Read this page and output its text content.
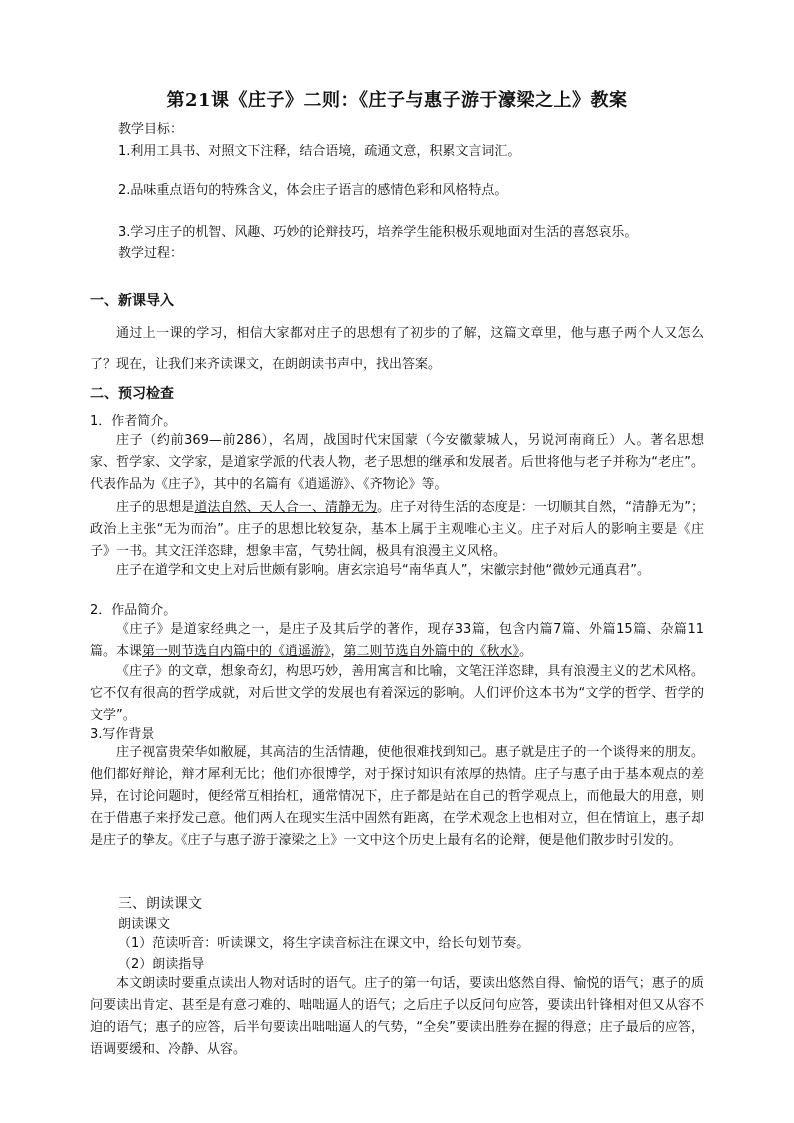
第21课《庄子》二则：《庄子与惠子游于濠梁之上》教案
教学目标：
1.利用工具书、对照文下注释，结合语境，疏通文意，积累文言词汇。
2.品味重点语句的特殊含义，体会庄子语言的感情色彩和风格特点。
3.学习庄子的机智、风趣、巧妙的论辩技巧，培养学生能积极乐观地面对生活的喜怒哀乐。
教学过程：
一、新课导入

通过上一课的学习，相信大家都对庄子的思想有了初步的了解，这篇文章里，他与惠子两个人又怎么了？现在，让我们来齐读课文，在朗朗读书声中，找出答案。

二、预习检查
1．作者简介。

庄子（约前369—前286），名周，战国时代宋国蒙（今安徽蒙城人，另说河南商丘）人。著名思想家、哲学家、文学家，是道家学派的代表人物，老子思想的继承和发展者。后世将他与老子并称为“老庄”。代表作品为《庄子》，其中的名篇有《逍遥游》、《齐物论》等。

庄子的思想是道法自然、天人合一、清静无为。庄子对待生活的态度是：一切顺其自然，“清静无为”；政治上主张“无为而治”。庄子的思想比较复杂，基本上属于主观唯心主义。庄子对后人的影响主要是《庄子》一书。其文汪洋恣肆，想象丰富，气势壮阔，极具有浪漫主义风格。

庄子在道学和文史上对后世颇有影响。唐玄宗追号“南华真人”，宋徽宗封他“微妙元通真君”。

2．作品简介。

《庄子》是道家经典之一，是庄子及其后学的著作，现存33篇，包含内篇7篇、外篇15篇、杂篇11篇。本课第一则节选自内篇中的《逍遥游》，第二则节选自外篇中的《秋水》。

《庄子》的文章，想象奇幻，构思巧妙，善用寓言和比喻，文笔汪洋恣肆，具有浪漫主义的艺术风格。它不仅有很高的哲学成就，对后世文学的发展也有着深远的影响。人们评价这本书为“文学的哲学、哲学的文学”。

3.写作背景

庄子视富贵荣华如敝屣，其高洁的生活情趣，使他很难找到知己。惠子就是庄子的一个谈得来的朋友。他们都好辩论，辩才犀利无比；他们亦很博学，对于探讨知识有浓厚的热情。庄子与惠子由于基本观点的差异，在讨论问题时，便经常互相抬杠，通常情况下，庄子都是站在自己的哲学观点上，而他最大的用意，则在于借惠子来抒发己意。他们两人在现实生活中固然有距离，在学术观念上也相对立，但在情谊上，惠子却是庄子的挚友。《庄子与惠子游于濠梁之上》一文中这个历史上最有名的论辩，便是他们散步时引发的。

三、朗读课文
朗读课文
（1）范读听音：听读课文，将生字读音标注在课文中，给长句划节奏。
（2）朗读指导

本文朗读时要重点读出人物对话时的语气。庄子的第一句话，要读出悠然自得、愉悦的语气；惠子的质问要读出肯定、甚至是有意刁难的、咄咄逼人的语气；之后庄子以反问句应答，要读出针锋相对但又从容不迫的语气；惠子的应答，后半句要读出咄咄逼人的气势，“全矣”要读出胜券在握的得意；庄子最后的应答，语调要缓和、冷静、从容。
